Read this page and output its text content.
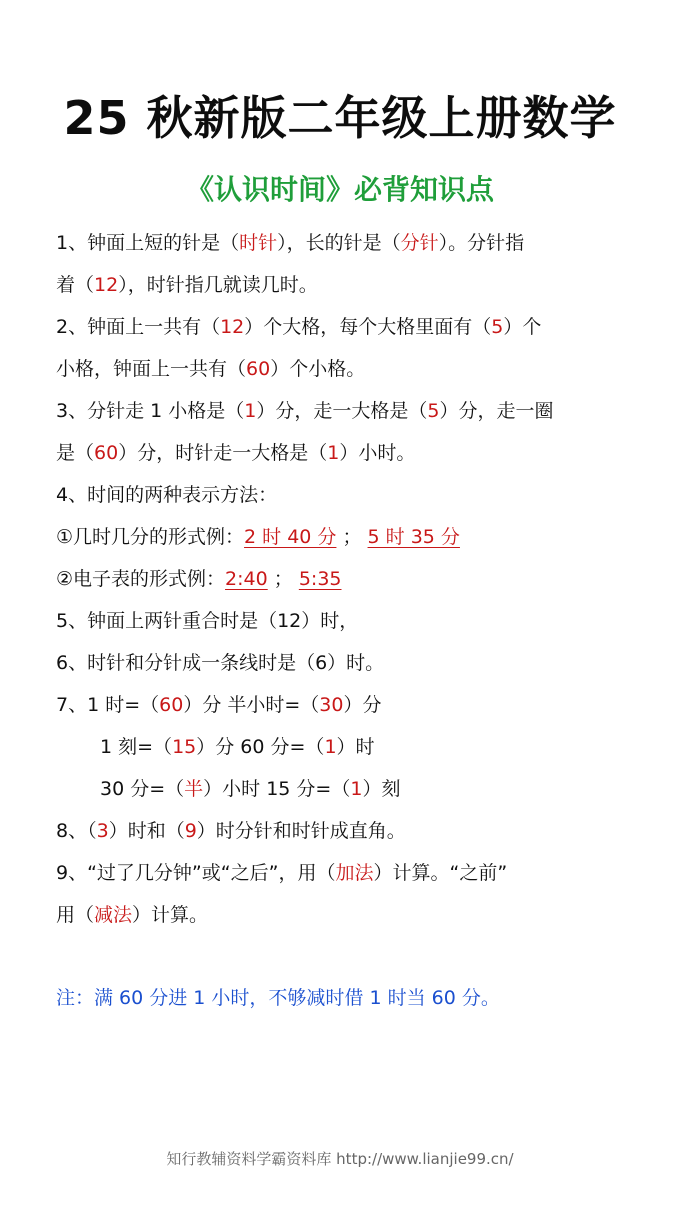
25 秋新版二年级上册数学
《认识时间》必背知识点
1、钟面上短的针是（时针），长的针是（分针）。分针指
着（12），时针指几就读几时。
2、钟面上一共有（12）个大格，每个大格里面有（5）个
小格，钟面上一共有（60）个小格。
3、分针走 1 小格是（1）分，走一大格是（5）分，走一圈
是（60）分，时针走一大格是（1）小时。
4、时间的两种表示方法：
①几时几分的形式例：2 时 40 分 ； 5 时 35 分
②电子表的形式例：2:40 ； 5:35
5、钟面上两针重合时是（12）时，
6、时针和分针成一条线时是（6）时。
7、1 时=（60）分 半小时=（30）分
1 刻=（15）分 60 分=（1）时
30 分=（半）小时 15 分=（1）刻
8、（3）时和（9）时分针和时针成直角。
9、“过了几分钟”或“之后”，用（加法）计算。“之前”
用（减法）计算。
注：满 60 分进 1 小时，不够减时借 1 时当 60 分。
知行教辅资料学霸资料库 http://www.lianjie99.cn/
